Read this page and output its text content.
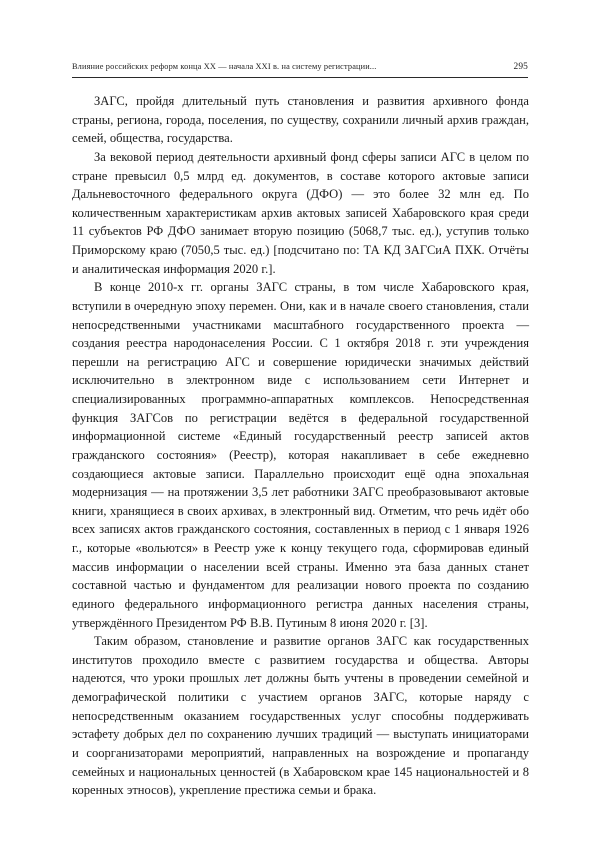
Влияние российских реформ конца XX — начала XXI в. на систему регистрации...	295

ЗАГС, пройдя длительный путь становления и развития архивного фонда страны, региона, города, поселения, по существу, сохранили личный архив граждан, семей, общества, государства.

За вековой период деятельности архивный фонд сферы записи АГС в целом по стране превысил 0,5 млрд ед. документов, в составе которого актовые записи Дальневосточного федерального округа (ДФО) — это более 32 млн ед. По количественным характеристикам архив актовых записей Хабаровского края среди 11 субъектов РФ ДФО занимает вторую позицию (5068,7 тыс. ед.), уступив только Приморскому краю (7050,5 тыс. ед.) [подсчитано по: ТА КД ЗАГСиА ПХК. Отчёты и аналитическая информация 2020 г.].

В конце 2010-х гг. органы ЗАГС страны, в том числе Хабаровского края, вступили в очередную эпоху перемен. Они, как и в начале своего становления, стали непосредственными участниками масштабного государственного проекта — создания реестра народонаселения России. С 1 октября 2018 г. эти учреждения перешли на регистрацию АГС и совершение юридически значимых действий исключительно в электронном виде с использованием сети Интернет и специализированных программно-аппаратных комплексов. Непосредственная функция ЗАГСов по регистрации ведётся в федеральной государственной информационной системе «Единый государственный реестр записей актов гражданского состояния» (Реестр), которая накапливает в себе ежедневно создающиеся актовые записи. Параллельно происходит ещё одна эпохальная модернизация — на протяжении 3,5 лет работники ЗАГС преобразовывают актовые книги, хранящиеся в своих архивах, в электронный вид. Отметим, что речь идёт обо всех записях актов гражданского состояния, составленных в период с 1 января 1926 г., которые «вольются» в Реестр уже к концу текущего года, сформировав единый массив информации о населении всей страны. Именно эта база данных станет составной частью и фундаментом для реализации нового проекта по созданию единого федерального информационного регистра данных населения страны, утверждённого Президентом РФ В.В. Путиным 8 июня 2020 г. [3].

Таким образом, становление и развитие органов ЗАГС как государственных институтов проходило вместе с развитием государства и общества. Авторы надеются, что уроки прошлых лет должны быть учтены в проведении семейной и демографической политики с участием органов ЗАГС, которые наряду с непосредственным оказанием государственных услуг способны поддерживать эстафету добрых дел по сохранению лучших традиций — выступать инициаторами и соорганизаторами мероприятий, направленных на возрождение и пропаганду семейных и национальных ценностей (в Хабаровском крае 145 национальностей и 8 коренных этносов), укрепление престижа семьи и брака.
